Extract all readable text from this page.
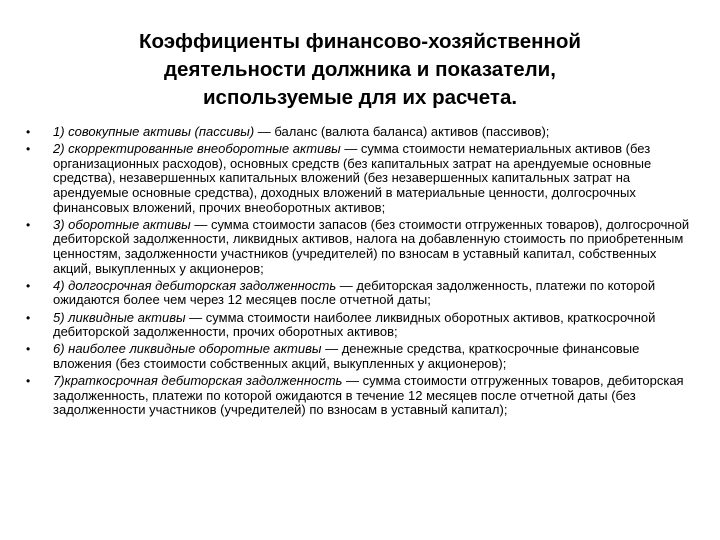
Коэффициенты финансово-хозяйственной
деятельности должника и показатели,
используемые для их расчета.
• 1) совокупные активы (пассивы) — баланс (валюта баланса) активов (пассивов);
• 2) скорректированные внеоборотные активы — сумма стоимости нематериальных активов (без организационных расходов), основных средств (без капитальных затрат на арендуемые основные средства), незавершенных капитальных вложений (без незавершенных капитальных затрат на арендуемые основные средства), доходных вложений в материальные ценности, долгосрочных финансовых вложений, прочих внеоборотных активов;
• 3) оборотные активы — сумма стоимости запасов (без стоимости отгруженных товаров), долгосрочной дебиторской задолженности, ликвидных активов, налога на добавленную стоимость по приобретенным ценностям, задолженности участников (учредителей) по взносам в уставный капитал, собственных акций, выкупленных у акционеров;
• 4) долгосрочная дебиторская задолженность — дебиторская задолженность, платежи по которой ожидаются более чем через 12 месяцев после отчетной даты;
• 5) ликвидные активы — сумма стоимости наиболее ликвидных оборотных активов, краткосрочной дебиторской задолженности, прочих оборотных активов;
• 6) наиболее ликвидные оборотные активы — денежные средства, краткосрочные финансовые вложения (без стоимости собственных акций, выкупленных у акционеров);
• 7)краткосрочная дебиторская задолженность — сумма стоимости отгруженных товаров, дебиторская задолженность, платежи по которой ожидаются в течение 12 месяцев после отчетной даты (без задолженности участников (учредителей) по взносам в уставный капитал);
